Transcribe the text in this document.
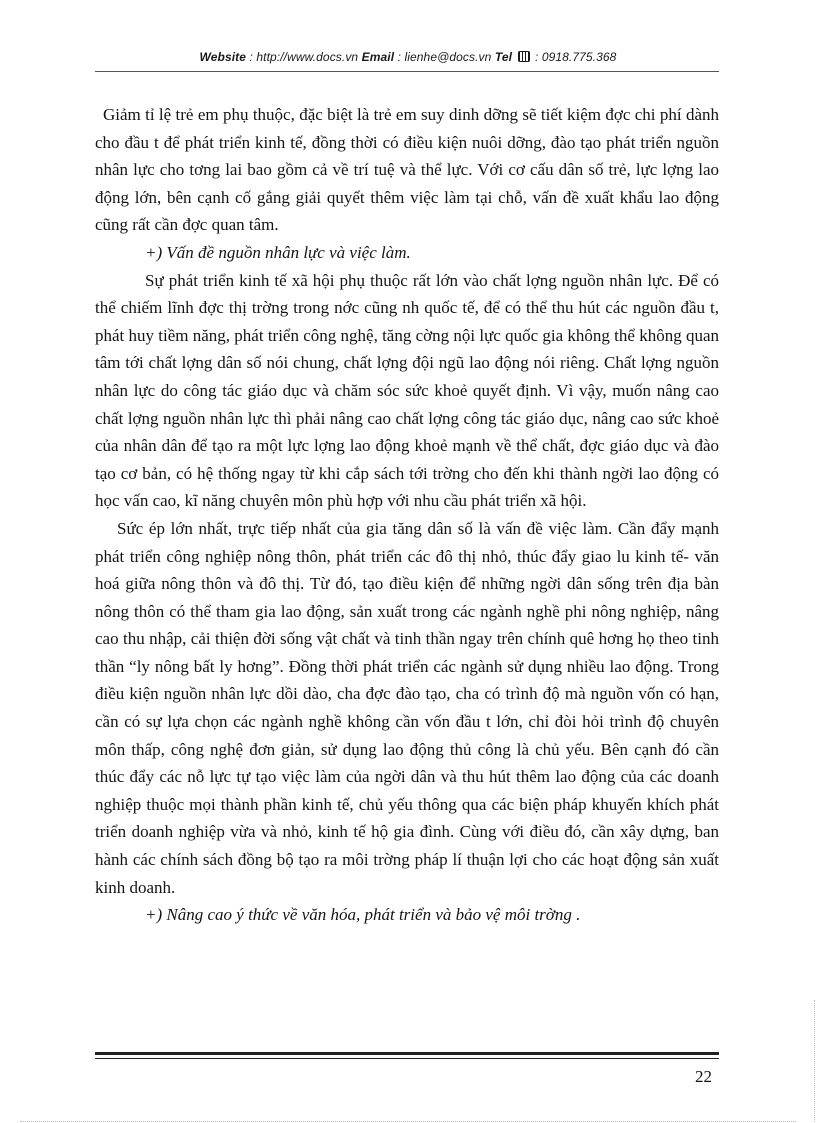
Website : http://www.docs.vn Email : lienhe@docs.vn Tel  : 0918.775.368

Giảm tỉ lệ trẻ em phụ thuộc, đặc biệt là trẻ em suy dinh dỡng sẽ tiết kiệm đợc chi phí dành cho đầu t để phát triển kinh tế, đồng thời có điều kiện nuôi dỡng, đào tạo phát triển nguồn nhân lực cho tơng lai bao gồm cả về trí tuệ và thể lực. Với cơ cấu dân số trẻ, lực lợng lao động lớn, bên cạnh cố gắng giải quyết thêm việc làm tại chỗ, vấn đề xuất khẩu lao động cũng rất cần đợc quan tâm.

+) Vấn đề nguồn nhân lực và việc làm.

Sự phát triển kinh tế xã hội phụ thuộc rất lớn vào chất lợng nguồn nhân lực. Để có thể chiếm lĩnh đợc thị trờng trong nớc cũng nh quốc tế, để có thể thu hút các nguồn đầu t, phát huy tiềm năng, phát triển công nghệ, tăng cờng nội lực quốc gia không thể không quan tâm tới chất lợng dân số nói chung, chất lợng đội ngũ lao động nói riêng. Chất lợng nguồn nhân lực do công tác giáo dục và chăm sóc sức khoẻ quyết định. Vì vậy, muốn nâng cao chất lợng nguồn nhân lực thì phải nâng cao chất lợng công tác giáo dục, nâng cao sức khoẻ của nhân dân để tạo ra một lực lợng lao động khoẻ mạnh về thể chất, đợc giáo dục và đào tạo cơ bản, có hệ thống ngay từ khi cắp sách tới trờng cho đến khi thành ngời lao động có học vấn cao, kĩ năng chuyên môn phù hợp với nhu cầu phát triển xã hội.

Sức ép lớn nhất, trực tiếp nhất của gia tăng dân số là vấn đề việc làm. Cần đẩy mạnh phát triển công nghiệp nông thôn, phát triển các đô thị nhỏ, thúc đẩy giao lu kinh tế- văn hoá giữa nông thôn và đô thị. Từ đó, tạo điều kiện để những ngời dân sống trên địa bàn nông thôn có thể tham gia lao động, sản xuất trong các ngành nghề phi nông nghiệp, nâng cao thu nhập, cải thiện đời sống vật chất và tinh thần ngay trên chính quê hơng họ theo tinh thần “ly nông bất ly hơng”. Đồng thời phát triển các ngành sử dụng nhiều lao động. Trong điều kiện nguồn nhân lực dồi dào, cha đợc đào tạo, cha có trình độ mà nguồn vốn có hạn, cần có sự lựa chọn các ngành nghề không cần vốn đầu t lớn, chỉ đòi hỏi trình độ chuyên môn thấp, công nghệ đơn giản, sử dụng lao động thủ công là chủ yếu. Bên cạnh đó cần thúc đẩy các nỗ lực tự tạo việc làm của ngời dân và thu hút thêm lao động của các doanh nghiệp thuộc mọi thành phần kinh tế, chủ yếu thông qua các biện pháp khuyến khích phát triển doanh nghiệp vừa và nhỏ, kinh tế hộ gia đình. Cùng với điều đó, cần xây dựng, ban hành các chính sách đồng bộ tạo ra môi trờng pháp lí thuận lợi cho các hoạt động sản xuất kinh doanh.

+) Nâng cao ý thức về văn hóa, phát triển và bảo vệ môi trờng .

22
